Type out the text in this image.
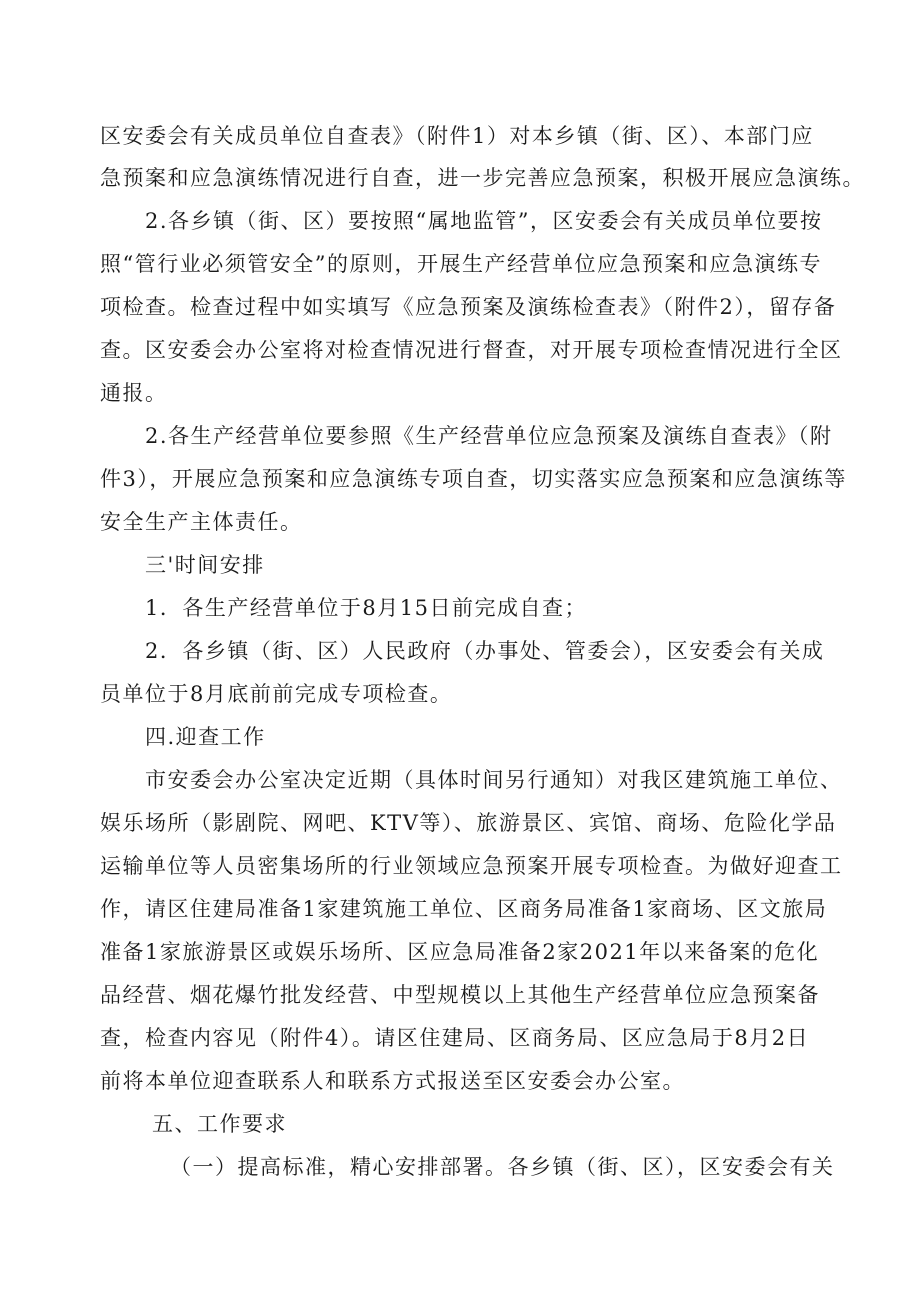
区安委会有关成员单位自查表》（附件1）对本乡镇（街、区）、本部门应
急预案和应急演练情况进行自查，进一步完善应急预案，积极开展应急演练。
2.各乡镇（街、区）要按照“属地监管”，区安委会有关成员单位要按
照“管行业必须管安全”的原则，开展生产经营单位应急预案和应急演练专
项检查。检查过程中如实填写《应急预案及演练检查表》（附件2），留存备
查。区安委会办公室将对检查情况进行督查，对开展专项检查情况进行全区
通报。
2.各生产经营单位要参照《生产经营单位应急预案及演练自查表》（附
件3），开展应急预案和应急演练专项自查，切实落实应急预案和应急演练等
安全生产主体责任。
三'时间安排
1．各生产经营单位于8月15日前完成自查；
2．各乡镇（街、区）人民政府（办事处、管委会），区安委会有关成
员单位于8月底前前完成专项检查。
四.迎查工作
市安委会办公室决定近期（具体时间另行通知）对我区建筑施工单位、
娱乐场所（影剧院、网吧、KTV等）、旅游景区、宾馆、商场、危险化学品
运输单位等人员密集场所的行业领域应急预案开展专项检查。为做好迎查工
作，请区住建局准备1家建筑施工单位、区商务局准备1家商场、区文旅局
准备1家旅游景区或娱乐场所、区应急局准备2家2021年以来备案的危化
品经营、烟花爆竹批发经营、中型规模以上其他生产经营单位应急预案备
查，检查内容见（附件4）。请区住建局、区商务局、区应急局于8月2日
前将本单位迎查联系人和联系方式报送至区安委会办公室。
五、工作要求
（一）提高标准，精心安排部署。各乡镇（街、区），区安委会有关
